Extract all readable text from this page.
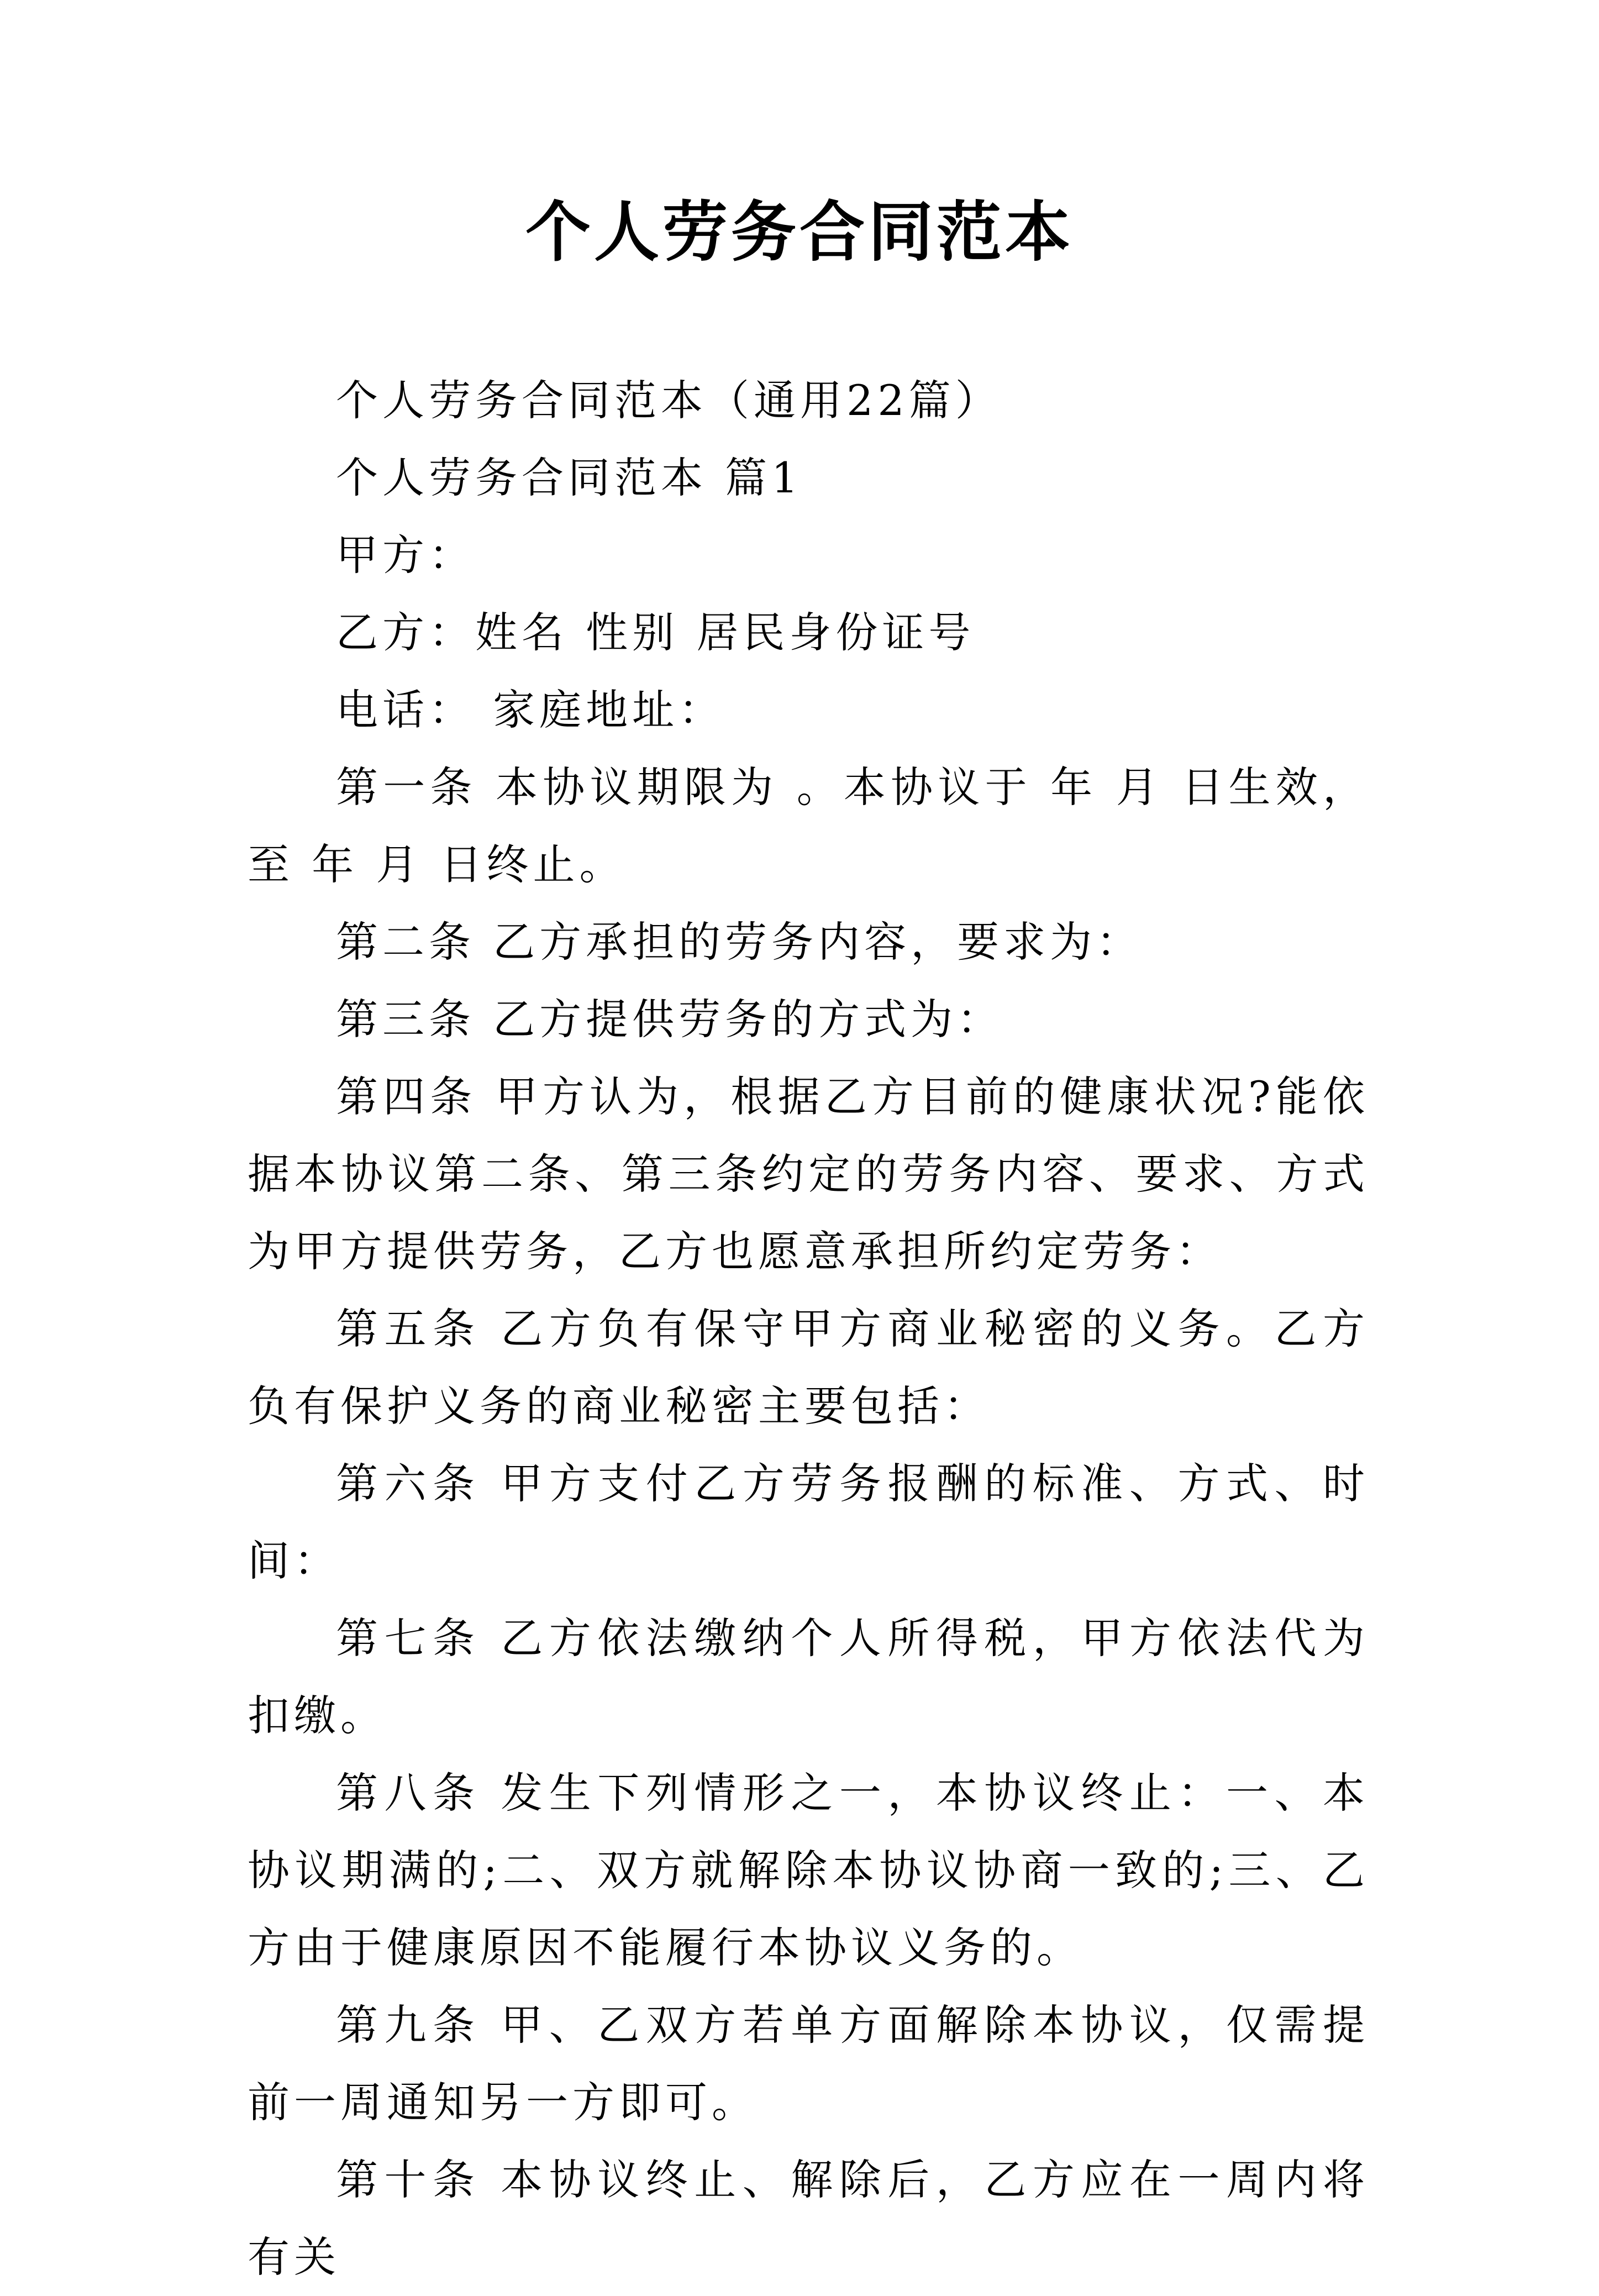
个人劳务合同范本

个人劳务合同范本（通用22篇）

个人劳务合同范本 篇1

甲方：

乙方：姓名 性别 居民身份证号

电话： 家庭地址：

第一条 本协议期限为 。本协议于 年 月 日生效，至 年 月 日终止。

第二条 乙方承担的劳务内容，要求为：

第三条 乙方提供劳务的方式为：

第四条 甲方认为，根据乙方目前的健康状况?能依据本协议第二条、第三条约定的劳务内容、要求、方式为甲方提供劳务，乙方也愿意承担所约定劳务：

第五条 乙方负有保守甲方商业秘密的义务。乙方负有保护义务的商业秘密主要包括：

第六条 甲方支付乙方劳务报酬的标准、方式、时间：

第七条 乙方依法缴纳个人所得税，甲方依法代为扣缴。

第八条 发生下列情形之一，本协议终止：一、本协议期满的;二、双方就解除本协议协商一致的;三、乙方由于健康原因不能履行本协议义务的。

第九条 甲、乙双方若单方面解除本协议，仅需提前一周通知另一方即可。

第十条 本协议终止、解除后，乙方应在一周内将有关
